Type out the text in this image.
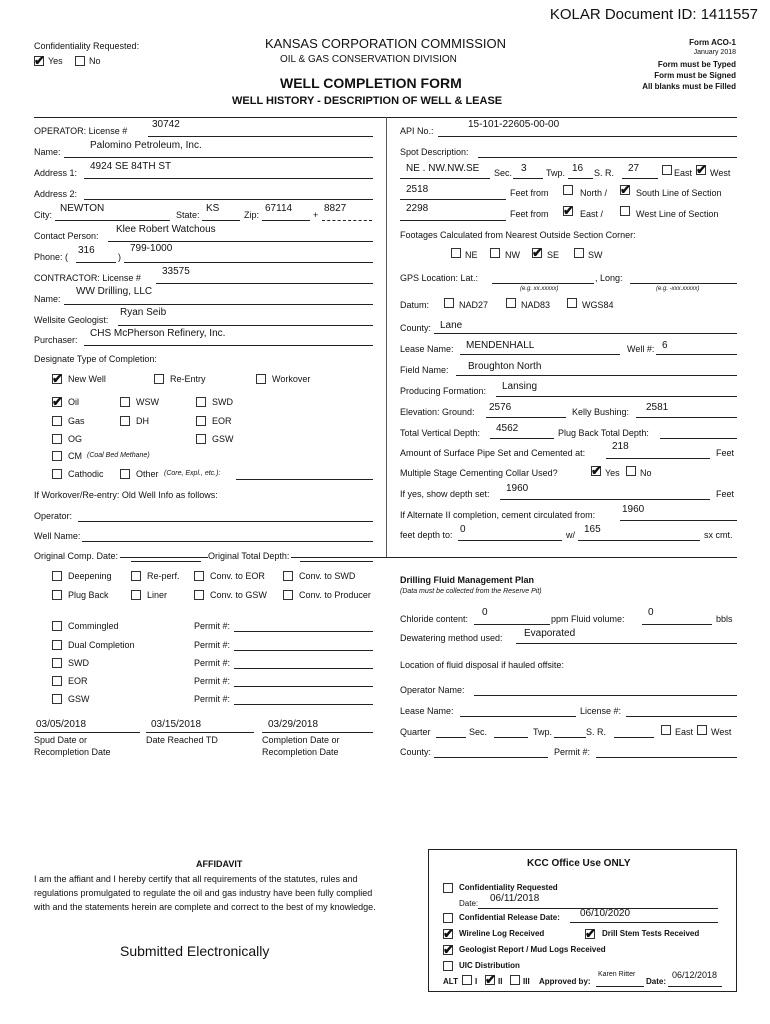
KOLAR Document ID: 1411557
Confidentiality Requested:
✔ Yes	No
KANSAS CORPORATION COMMISSION
OIL & GAS CONSERVATION DIVISION
WELL COMPLETION FORM
WELL HISTORY - DESCRIPTION OF WELL & LEASE
Form ACO-1
January 2018
Form must be Typed
Form must be Signed
All blanks must be Filled
OPERATOR: License #
30742
Name:
Palomino Petroleum, Inc.
Address 1:
4924 SE 84TH ST
Address 2:
City:
NEWTON
State:
KS
Zip:
67114
+
8827
Contact Person:
Klee Robert Watchous
Phone: (
316
)
799-1000
CONTRACTOR: License #
33575
Name:
WW Drilling, LLC
Wellsite Geologist:
Ryan Seib
Purchaser:
CHS McPherson Refinery, Inc.
Designate Type of Completion:
✔ New Well	Re-Entry	Workover
✔ Oil	WSW	SWD
Gas	DH	EOR
OG	GSW
CM (Coal Bed Methane)
Cathodic	Other (Core, Expl., etc.):
If Workover/Re-entry: Old Well Info as follows:
Operator:
Well Name:
Original Comp. Date:	Original Total Depth:
Deepening	Re-perf.	Conv. to EOR	Conv. to SWD
Plug Back	Liner	Conv. to GSW	Conv. to Producer
Commingled	Permit #:
Dual Completion	Permit #:
SWD	Permit #:
EOR	Permit #:
GSW	Permit #:
03/05/2018	03/15/2018	03/29/2018
Spud Date or
Recompletion Date
Date Reached TD	Completion Date or
Recompletion Date
API No.:
15-101-22605-00-00
Spot Description:
NE . NW.NW.SE Sec. 3 Twp. 16 S. R. 27	East ✔ West
2518	Feet from	North / ✔ South Line of Section
2298	Feet from ✔ East /	West Line of Section
Footages Calculated from Nearest Outside Section Corner:
NE	NW ✔ SE	SW
GPS Location: Lat.:	, Long:
(e.g. xx.xxxxx)	(e.g. -xxx.xxxxx)
Datum:	NAD27	NAD83	WGS84
County: Lane
Lease Name: MENDENHALL	Well #: 6
Field Name: Broughton North
Producing Formation: Lansing
Elevation: Ground: 2576	Kelly Bushing: 2581
Total Vertical Depth: 4562	Plug Back Total Depth:
Amount of Surface Pipe Set and Cemented at:
218
Feet
Multiple Stage Cementing Collar Used?	✔ Yes No
If yes, show depth set: 1960	Feet
If Alternate II completion, cement circulated from:	1960
feet depth to: 0	w/ 165	sx cmt.
Drilling Fluid Management Plan
(Data must be collected from the Reserve Pit)
Chloride content:
0
ppm Fluid volume:
0
bbls
Dewatering method used: Evaporated
Location of fluid disposal if hauled offsite:
Operator Name:
Lease Name:	License #:
Quarter	Sec.	Twp.	S. R.	East West
County:	Permit #:
AFFIDAVIT
I am the affiant and I hereby certify that all requirements of the statutes, rules and
regulations promulgated to regulate the oil and gas industry have been fully complied
with and the statements herein are complete and correct to the best of my knowledge.
Submitted Electronically
KCC Office Use ONLY
Confidentiality Requested
Date: 06/11/2018
Confidential Release Date: 06/10/2020
✔ Wireline Log Received	✔ Drill Stem Tests Received
✔ Geologist Report / Mud Logs Received
UIC Distribution
ALT I ✔ II	III Approved by:
Karen Ritter
Date:
06/12/2018
